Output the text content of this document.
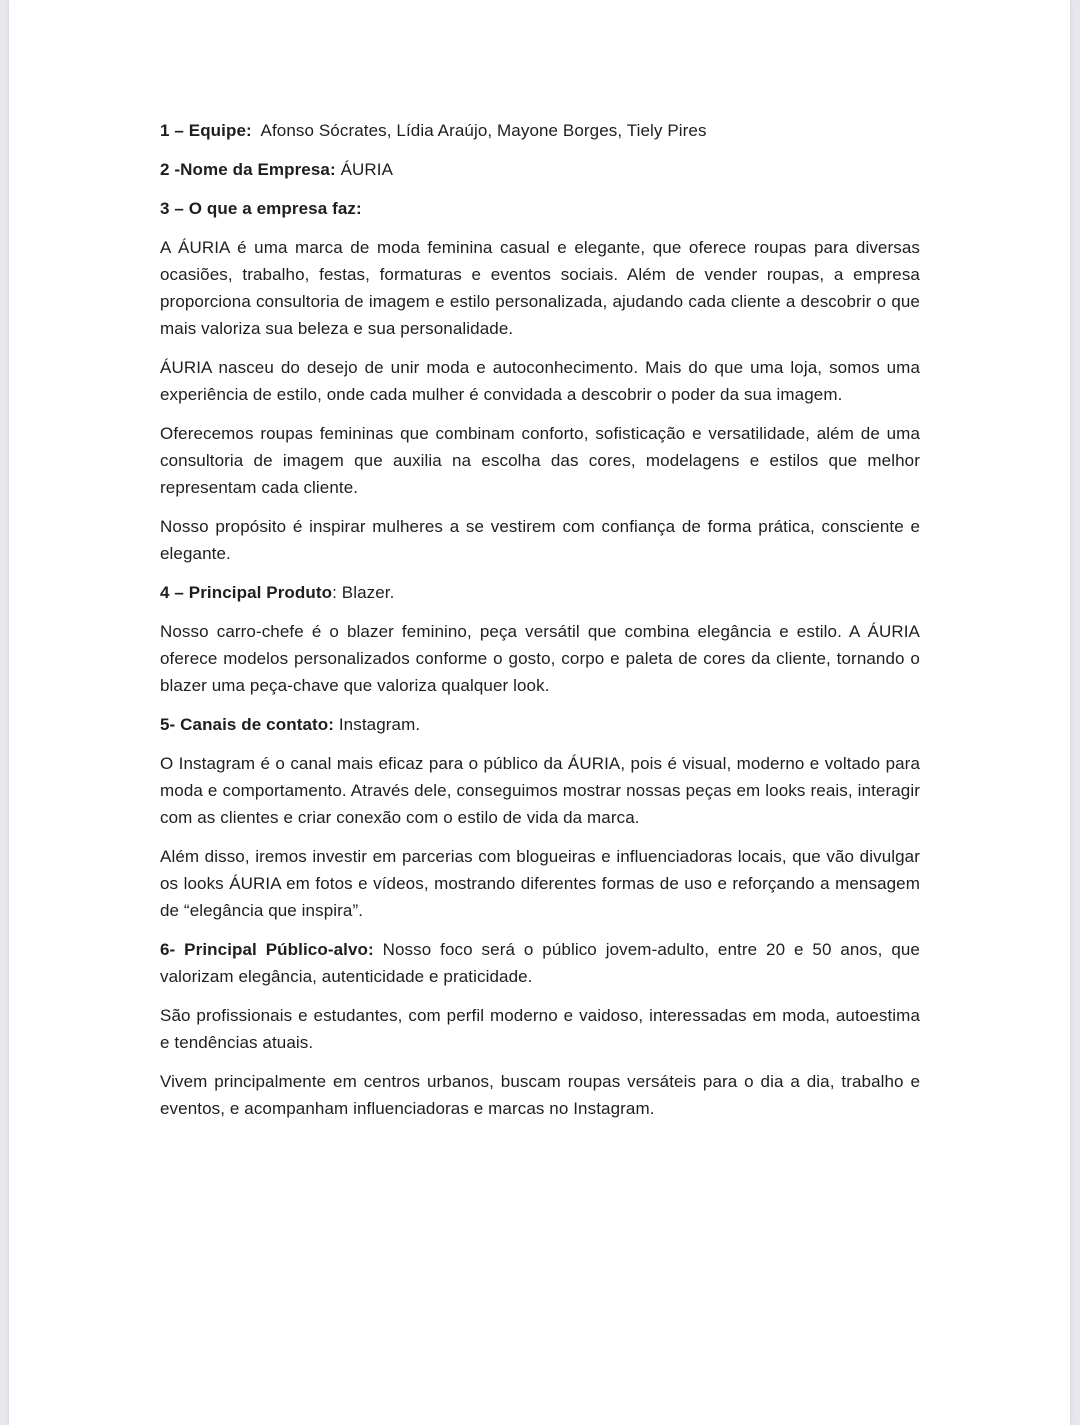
1 – Equipe:  Afonso Sócrates, Lídia Araújo, Mayone Borges, Tiely Pires

2 -Nome da Empresa: ÁURIA

3 – O que a empresa faz:

A ÁURIA é uma marca de moda feminina casual e elegante, que oferece roupas para diversas ocasiões, trabalho, festas, formaturas e eventos sociais. Além de vender roupas, a empresa proporciona consultoria de imagem e estilo personalizada, ajudando cada cliente a descobrir o que mais valoriza sua beleza e sua personalidade.

ÁURIA nasceu do desejo de unir moda e autoconhecimento. Mais do que uma loja, somos uma experiência de estilo, onde cada mulher é convidada a descobrir o poder da sua imagem.

Oferecemos roupas femininas que combinam conforto, sofisticação e versatilidade, além de uma consultoria de imagem que auxilia na escolha das cores, modelagens e estilos que melhor representam cada cliente.

Nosso propósito é inspirar mulheres a se vestirem com confiança de forma prática, consciente e elegante.

4 – Principal Produto: Blazer.

Nosso carro-chefe é o blazer feminino, peça versátil que combina elegância e estilo. A ÁURIA oferece modelos personalizados conforme o gosto, corpo e paleta de cores da cliente, tornando o blazer uma peça-chave que valoriza qualquer look.

5- Canais de contato: Instagram.

O Instagram é o canal mais eficaz para o público da ÁURIA, pois é visual, moderno e voltado para moda e comportamento. Através dele, conseguimos mostrar nossas peças em looks reais, interagir com as clientes e criar conexão com o estilo de vida da marca.

Além disso, iremos investir em parcerias com blogueiras e influenciadoras locais, que vão divulgar os looks ÁURIA em fotos e vídeos, mostrando diferentes formas de uso e reforçando a mensagem de “elegância que inspira”.

6- Principal Público-alvo: Nosso foco será o público jovem-adulto, entre 20 e 50 anos, que valorizam elegância, autenticidade e praticidade.

São profissionais e estudantes, com perfil moderno e vaidoso, interessadas em moda, autoestima e tendências atuais.

Vivem principalmente em centros urbanos, buscam roupas versáteis para o dia a dia, trabalho e eventos, e acompanham influenciadoras e marcas no Instagram.
